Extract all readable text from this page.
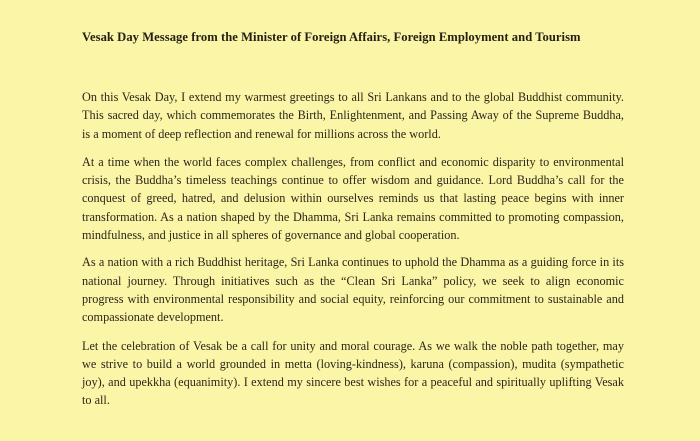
Vesak Day Message from the Minister of Foreign Affairs, Foreign Employment and Tourism

On this Vesak Day, I extend my warmest greetings to all Sri Lankans and to the global Buddhist community. This sacred day, which commemorates the Birth, Enlightenment, and Passing Away of the Supreme Buddha, is a moment of deep reflection and renewal for millions across the world.

At a time when the world faces complex challenges, from conflict and economic disparity to environmental crisis, the Buddha’s timeless teachings continue to offer wisdom and guidance. Lord Buddha’s call for the conquest of greed, hatred, and delusion within ourselves reminds us that lasting peace begins with inner transformation. As a nation shaped by the Dhamma, Sri Lanka remains committed to promoting compassion, mindfulness, and justice in all spheres of governance and global cooperation.

As a nation with a rich Buddhist heritage, Sri Lanka continues to uphold the Dhamma as a guiding force in its national journey. Through initiatives such as the “Clean Sri Lanka” policy, we seek to align economic progress with environmental responsibility and social equity, reinforcing our commitment to sustainable and compassionate development.

Let the celebration of Vesak be a call for unity and moral courage. As we walk the noble path together, may we strive to build a world grounded in metta (loving-kindness), karuna (compassion), mudita (sympathetic joy), and upekkha (equanimity). I extend my sincere best wishes for a peaceful and spiritually uplifting Vesak to all.
